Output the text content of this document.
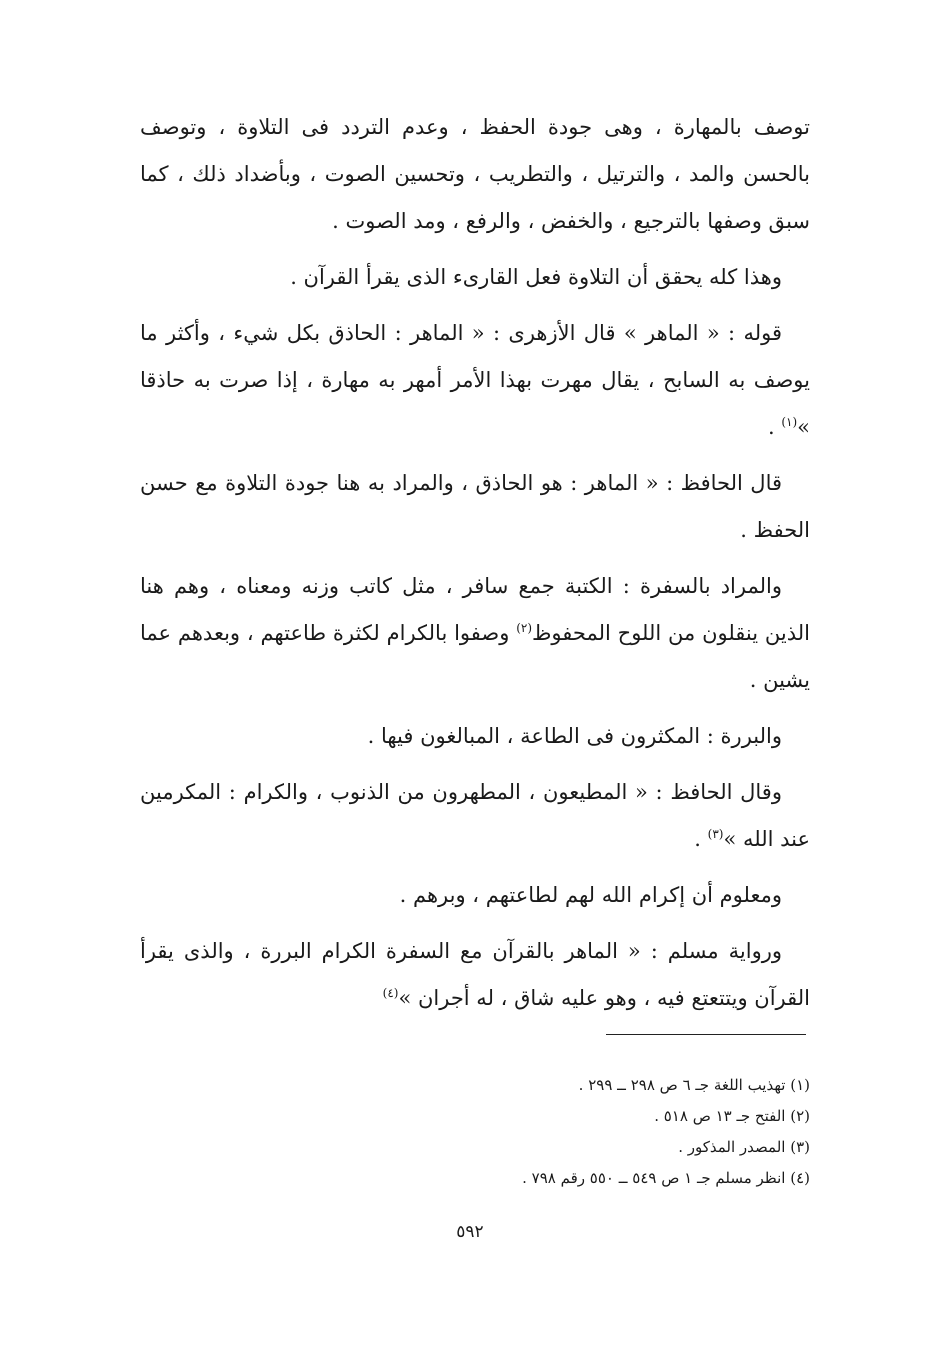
توصف بالمهارة ، وهى جودة الحفظ ، وعدم التردد فى التلاوة ، وتوصف بالحسن والمد ، والترتيل ، والتطريب ، وتحسين الصوت ، وبأضداد ذلك ، كما سبق وصفها بالترجيع ، والخفض ، والرفع ، ومد الصوت .

وهذا كله يحقق أن التلاوة فعل القارىء الذى يقرأ القرآن .

قوله : « الماهر » قال الأزهرى : « الماهر : الحاذق بكل شيء ، وأكثر ما يوصف به السابح ، يقال مهرت بهذا الأمر أمهر به مهارة ، إذا صرت به حاذقا »$^{(١)}$ .

قال الحافظ : « الماهر : هو الحاذق ، والمراد به هنا جودة التلاوة مع حسن الحفظ .

والمراد بالسفرة : الكتبة جمع سافر ، مثل كاتب وزنه ومعناه ، وهم هنا الذين ينقلون من اللوح المحفوظ$^{(٢)}$ وصفوا بالكرام لكثرة طاعتهم ، وبعدهم عما يشين .

والبررة : المكثرون فى الطاعة ، المبالغون فيها .

وقال الحافظ : « المطيعون ، المطهرون من الذنوب ، والكرام : المكرمين عند الله »$^{(٣)}$ .

ومعلوم أن إكرام الله لهم لطاعتهم ، وبرهم .

ورواية مسلم : « الماهر بالقرآن مع السفرة الكرام البررة ، والذى يقرأ القرآن ويتتعتع فيه ، وهو عليه شاق ، له أجران »$^{(٤)}$

(١) تهذيب اللغة جـ ٦ ص ٢٩٨ ــ ٢٩٩ .

(٢) الفتح جـ ١٣ ص ٥١٨ .

(٣) المصدر المذكور .

(٤) انظر مسلم جـ ١ ص ٥٤٩ ــ ٥٥٠ رقم ٧٩٨ .

٥٩٢
